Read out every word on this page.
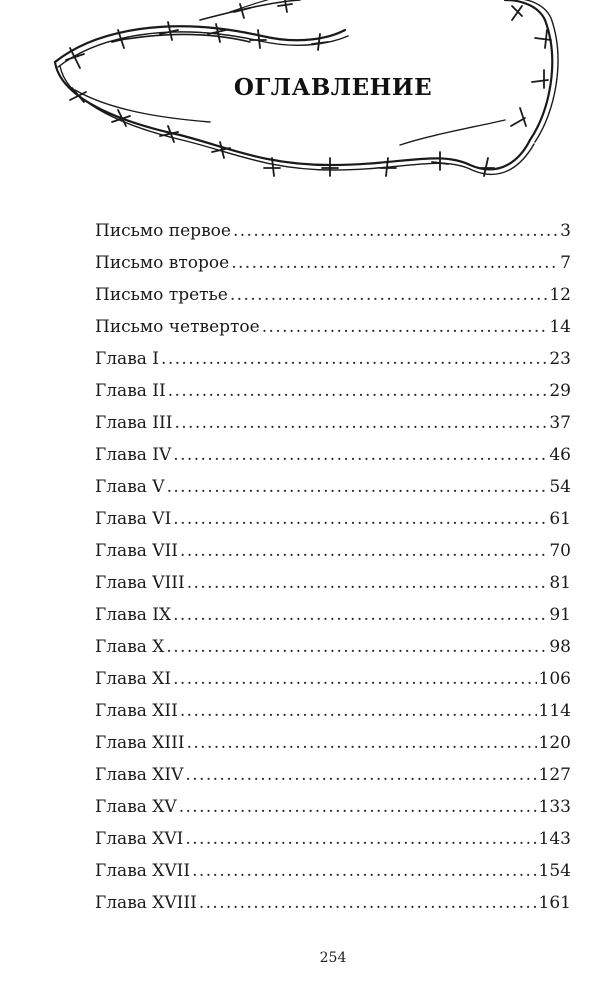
ОГЛАВЛЕНИЕ
Письмо первое .....	3
Письмо второе .....	7
Письмо третье .....	12
Письмо четвертое .....	14
Глава I .....	23
Глава II .....	29
Глава III .....	37
Глава IV .....	46
Глава V .....	54
Глава VI .....	61
Глава VII .....	70
Глава VIII .....	81
Глава IX .....	91
Глава X .....	98
Глава XI .....	106
Глава XII .....	114
Глава XIII .....	120
Глава XIV .....	127
Глава XV .....	133
Глава XVI .....	143
Глава XVII .....	154
Глава XVIII .....	161
254
